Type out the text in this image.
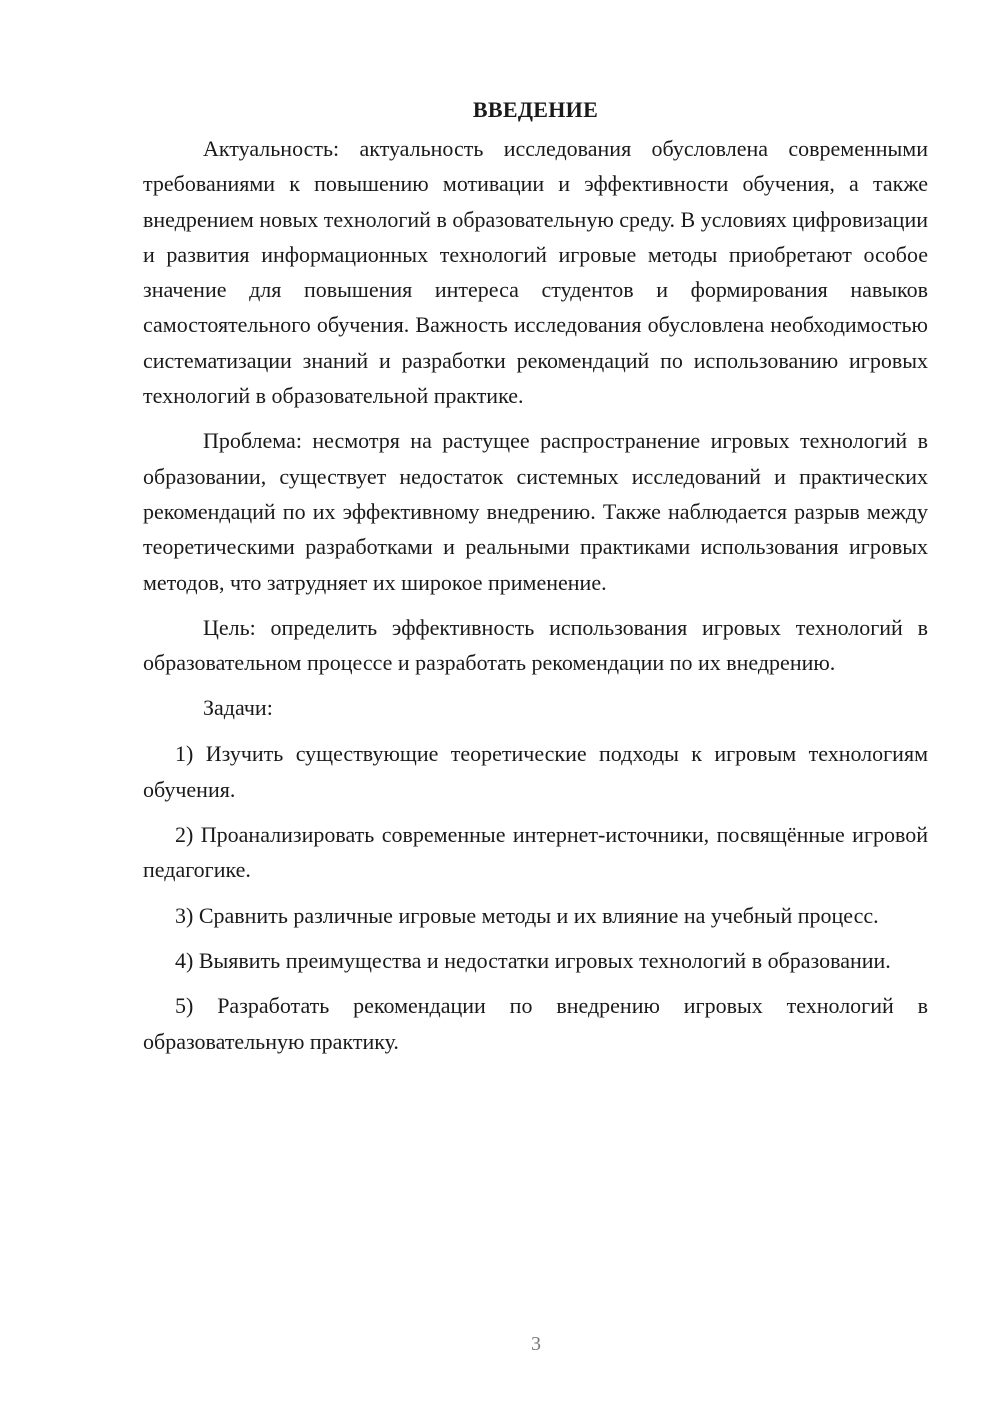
ВВЕДЕНИЕ

Актуальность: актуальность исследования обусловлена современными требованиями к повышению мотивации и эффективности обучения, а также внедрением новых технологий в образовательную среду. В условиях цифровизации и развития информационных технологий игровые методы приобретают особое значение для повышения интереса студентов и формирования навыков самостоятельного обучения. Важность исследования обусловлена необходимостью систематизации знаний и разработки рекомендаций по использованию игровых технологий в образовательной практике.

Проблема: несмотря на растущее распространение игровых технологий в образовании, существует недостаток системных исследований и практических рекомендаций по их эффективному внедрению. Также наблюдается разрыв между теоретическими разработками и реальными практиками использования игровых методов, что затрудняет их широкое применение.

Цель: определить эффективность использования игровых технологий в образовательном процессе и разработать рекомендации по их внедрению.

Задачи:

1) Изучить существующие теоретические подходы к игровым технологиям обучения.

2) Проанализировать современные интернет-источники, посвящённые игровой педагогике.

3) Сравнить различные игровые методы и их влияние на учебный процесс.

4) Выявить преимущества и недостатки игровых технологий в образовании.

5) Разработать рекомендации по внедрению игровых технологий в образовательную практику.

3
